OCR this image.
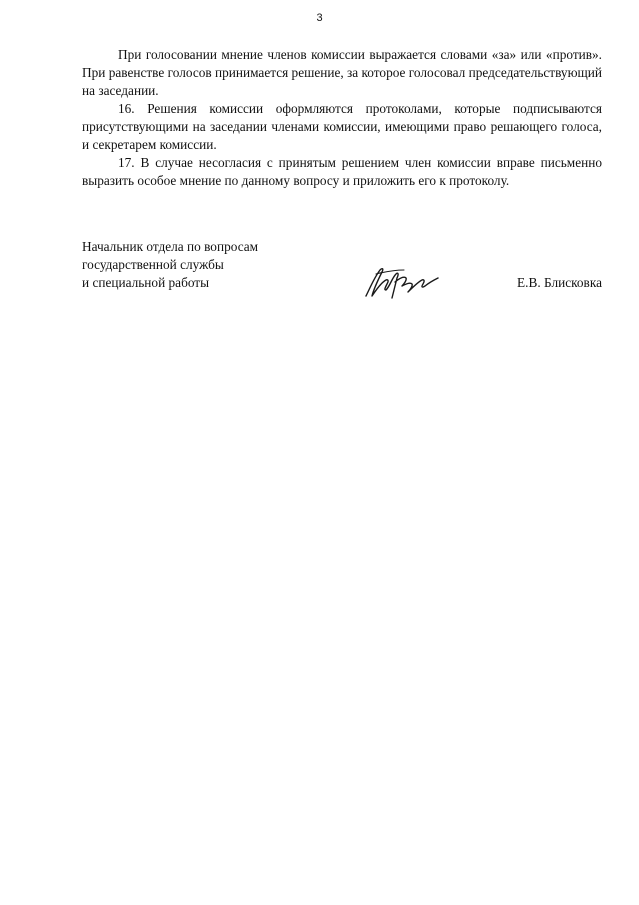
3

При голосовании мнение членов комиссии выражается словами «за» или «против». При равенстве голосов принимается решение, за которое голосовал председательствующий на заседании.

16. Решения комиссии оформляются протоколами, которые подписываются присутствующими на заседании членами комиссии, имеющими право решающего голоса, и секретарем комиссии.

17. В случае несогласия с принятым решением член комиссии вправе письменно выразить особое мнение по данному вопросу и приложить его к протоколу.

Начальник отдела по вопросам
государственной службы
и специальной работы	Е.В. Блисковка
